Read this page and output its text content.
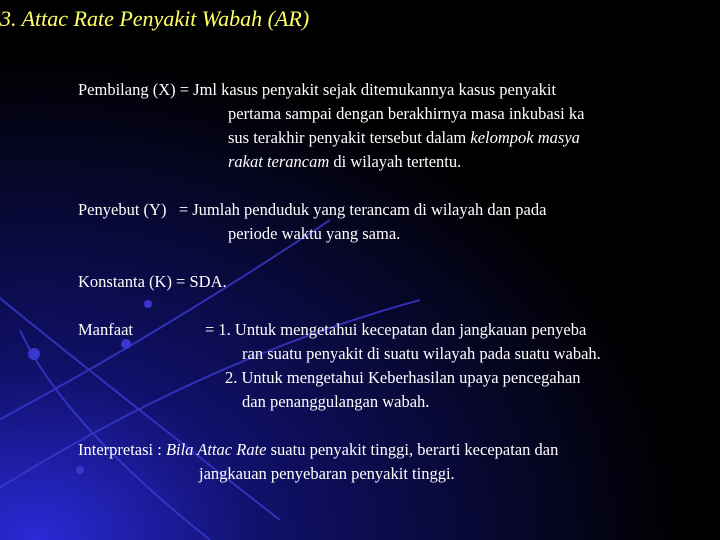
3. Attac Rate Penyakit Wabah (AR)
Pembilang (X) = Jml kasus penyakit sejak ditemukannya kasus penyakit
pertama sampai dengan berakhirnya masa inkubasi ka
sus terakhir penyakit tersebut dalam kelompok masya
rakat terancam di wilayah tertentu.
Penyebut (Y)   = Jumlah penduduk yang terancam di wilayah dan pada
periode waktu yang sama.
Konstanta (K) = SDA.
Manfaat	= 1. Untuk mengetahui kecepatan dan jangkauan penyeba
ran suatu penyakit di suatu wilayah pada suatu wabah.
2. Untuk mengetahui Keberhasilan upaya pencegahan
dan penanggulangan wabah.
Interpretasi : Bila Attac Rate suatu penyakit tinggi, berarti kecepatan dan
jangkauan penyebaran penyakit tinggi.
